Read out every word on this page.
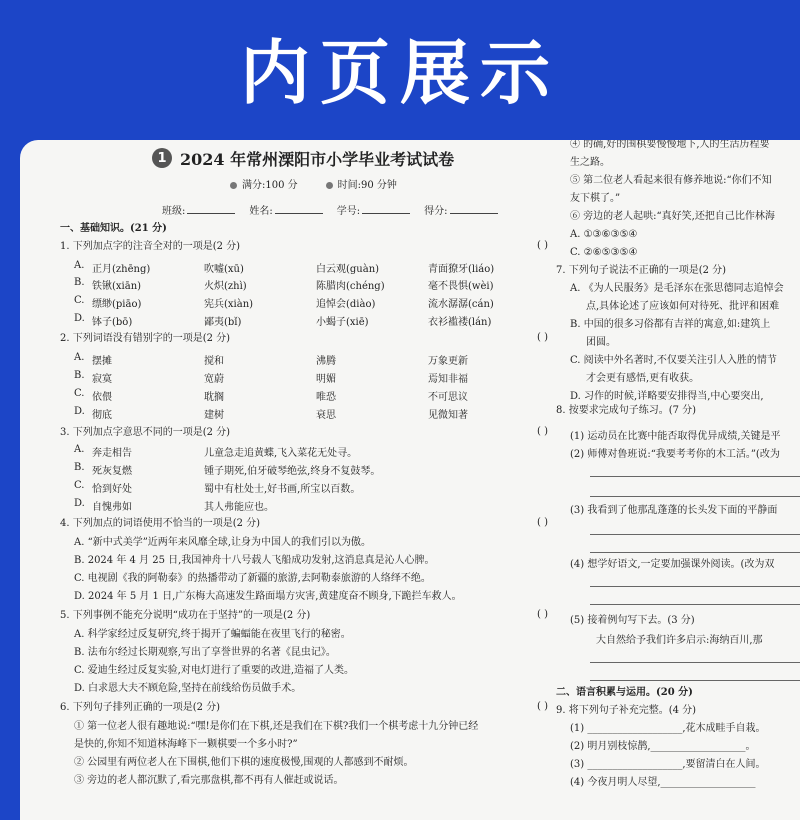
内页展示
1 2024 年常州溧阳市小学毕业考试试卷
满分:100 分	时间:90 分钟
班级:	姓名:	学号:	得分:
一、基础知识。(21 分)
1. 下列加点字的注音全对的一项是(2 分)	( )
A. 正月(zhēng)	吹嘘(xū)	白云观(guàn)	青面獠牙(liáo)
B. 铁锹(xiān)	火炽(zhì)	陈腊肉(chéng)	毫不畏惧(wèi)
C. 缥缈(piāo)	宪兵(xiàn)	追悼会(diào)	流水潺潺(cán)
D. 钵子(bō)	鄙夷(bǐ)	小蝎子(xiē)	衣衫褴褛(lán)
2. 下列词语没有错别字的一项是(2 分)	( )
A. 摆摊	搅和	沸腾	万象更新
B. 寂寞	宽蔚	明媚	焉知非福
C. 依偎	耽搁	唯恐	不可思议
D. 彻底	建树	衰思	见微知著
3. 下列加点字意思不同的一项是(2 分)	( )
A. 奔走相告	儿童急走追黄蝶,飞入菜花无处寻。
B. 死灰复燃	锺子期死,伯牙破琴绝弦,终身不复鼓琴。
C. 恰到好处	蜀中有杜处士,好书画,所宝以百数。
D. 自愧弗如	其人弗能应也。
4. 下列加点的词语使用不恰当的一项是(2 分)	( )
A. “新中式美学”近两年来风靡全球,让身为中国人的我们引以为傲。
B. 2024 年 4 月 25 日,我国神舟十八号载人飞船成功发射,这消息真是沁人心脾。
C. 电视剧《我的阿勒泰》的热播带动了新疆的旅游,去阿勒泰旅游的人络绎不绝。
D. 2024 年 5 月 1 日,广东梅大高速发生路面塌方灾害,黄建度奋不顾身,下跪拦车救人。
5. 下列事例不能充分说明“成功在于坚持”的一项是(2 分)	( )
A. 科学家经过反复研究,终于揭开了蝙蝠能在夜里飞行的秘密。
B. 法布尔经过长期观察,写出了享誉世界的名著《昆虫记》。
C. 爱迪生经过反复实验,对电灯进行了重要的改进,造福了人类。
D. 白求恩大夫不顾危险,坚持在前线给伤员做手术。
6. 下列句子排列正确的一项是(2 分)	( )
① 第一位老人很有趣地说:“嘿!是你们在下棋,还是我们在下棋?我们一个棋考虑十九分钟已经
是快的,你知不知道林海峰下一颗棋要一个多小时?”
② 公园里有两位老人在下围棋,他们下棋的速度极慢,围观的人都感到不耐烦。
③ 旁边的老人都沉默了,看完那盘棋,都不再有人催赶或说话。
④ 的确,好的围棋要慢慢地下,人的生活历程要
生之路。
⑤ 第二位老人看起来很有修养地说:“你们不知
友下棋了。”
⑥ 旁边的老人起哄:“真好笑,还把自己比作林海
A. ①③⑥③⑤④
C. ②⑥⑤③⑤④
7. 下列句子说法不正确的一项是(2 分)
A. 《为人民服务》是毛泽东在张思德同志追悼会
点,具体论述了应该如何对待死、批评和困难
B. 中国的很多习俗都有吉祥的寓意,如:建筑上
团圆。
C. 阅读中外名著时,不仅要关注引人入胜的情节
才会更有感悟,更有收获。
D. 习作的时候,详略要安排得当,中心要突出,
8. 按要求完成句子练习。(7 分)
(1) 运动员在比赛中能否取得优异成绩,关键是平
(2) 师傅对鲁班说:“我要考考你的木工活。”(改为
(3) 我看到了他那乱蓬蓬的长头发下面的平静面
(4) 想学好语文,一定要加强课外阅读。(改为双
(5) 接着例句写下去。(3 分)
大自然给予我们许多启示:海纳百川,那
二、语言积累与运用。(20 分)
9. 将下列句子补充完整。(4 分)
(1) ___________________,花木成畦手自栽。
(2) 明月别枝惊鹊,___________________。
(3) ___________________,要留清白在人间。
(4) 今夜月明人尽望,___________________
